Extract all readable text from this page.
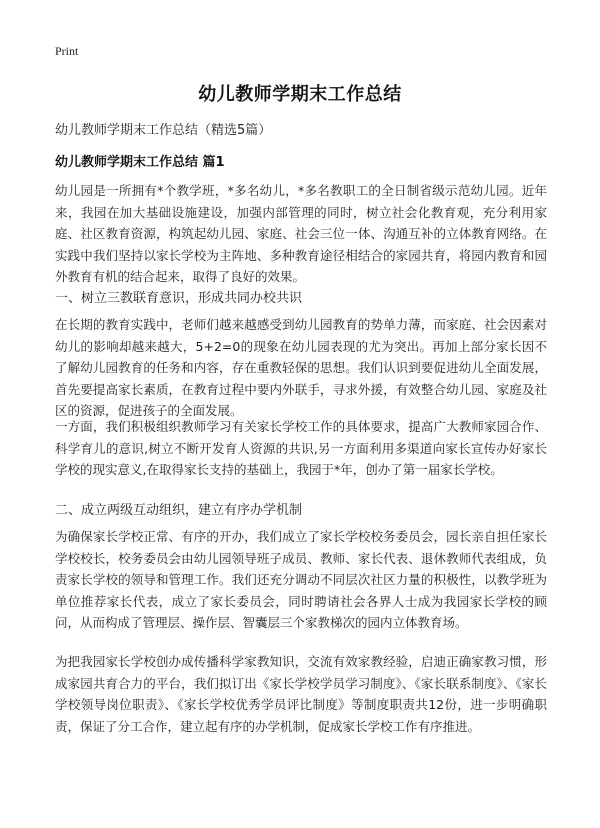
Print
幼儿教师学期末工作总结
幼儿教师学期末工作总结（精选5篇）
幼儿教师学期末工作总结 篇1

幼儿园是一所拥有*个教学班，*多名幼儿，*多名教职工的全日制省级示范幼儿园。近年来，我园在加大基础设施建设，加强内部管理的同时，树立社会化教育观，充分利用家庭、社区教育资源，构筑起幼儿园、家庭、社会三位一体、沟通互补的立体教育网络。在实践中我们坚持以家长学校为主阵地、多种教育途径相结合的家园共育，将园内教育和园外教育有机的结合起来，取得了良好的效果。

一、树立三教联育意识，形成共同办校共识

在长期的教育实践中，老师们越来越感受到幼儿园教育的势单力薄，而家庭、社会因素对幼儿的影响却越来越大，5+2=0的现象在幼儿园表现的尤为突出。再加上部分家长因不了解幼儿园教育的任务和内容，存在重教轻保的思想。我们认识到要促进幼儿全面发展，首先要提高家长素质，在教育过程中要内外联手，寻求外援，有效整合幼儿园、家庭及社区的资源，促进孩子的全面发展。

一方面，我们积极组织教师学习有关家长学校工作的具体要求，提高广大教师家园合作、科学育儿的意识,树立不断开发育人资源的共识,另一方面利用多渠道向家长宣传办好家长学校的现实意义,在取得家长支持的基础上，我园于*年，创办了第一届家长学校。

二、成立两级互动组织，建立有序办学机制

为确保家长学校正常、有序的开办，我们成立了家长学校校务委员会，园长亲自担任家长学校校长，校务委员会由幼儿园领导班子成员、教师、家长代表、退休教师代表组成，负责家长学校的领导和管理工作。我们还充分调动不同层次社区力量的积极性，以教学班为单位推荐家长代表，成立了家长委员会，同时聘请社会各界人士成为我园家长学校的顾问，从而构成了管理层、操作层、智囊层三个家教梯次的园内立体教育场。

为把我园家长学校创办成传播科学家教知识，交流有效家教经验，启迪正确家教习惯，形成家园共育合力的平台，我们拟订出《家长学校学员学习制度》、《家长联系制度》、《家长学校领导岗位职责》、《家长学校优秀学员评比制度》等制度职责共12份，进一步明确职责，保证了分工合作，建立起有序的办学机制，促成家长学校工作有序推进。
